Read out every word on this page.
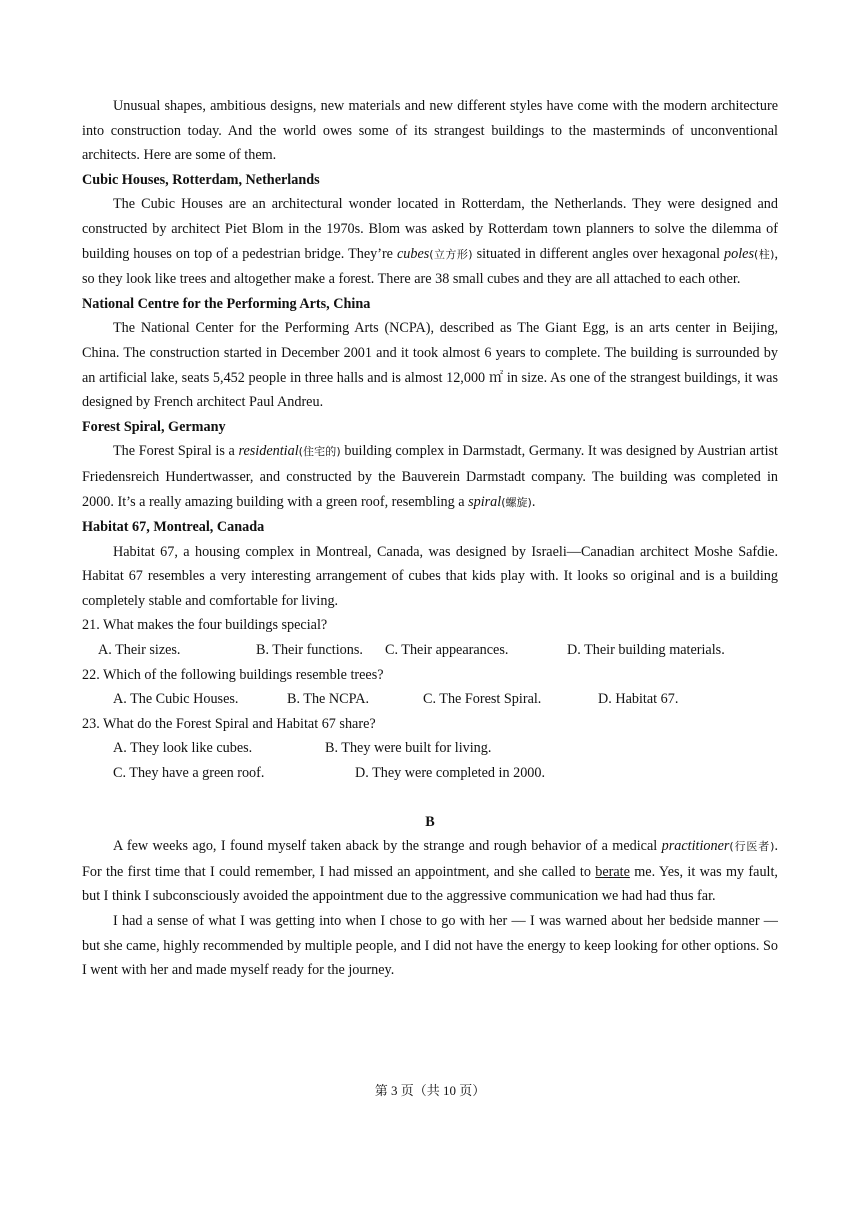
Unusual shapes, ambitious designs, new materials and new different styles have come with the modern architecture into construction today. And the world owes some of its strangest buildings to the masterminds of unconventional architects. Here are some of them.

Cubic Houses, Rotterdam, Netherlands

The Cubic Houses are an architectural wonder located in Rotterdam, the Netherlands. They were designed and constructed by architect Piet Blom in the 1970s. Blom was asked by Rotterdam town planners to solve the dilemma of building houses on top of a pedestrian bridge. They’re cubes(立方形) situated in different angles over hexagonal poles(柱), so they look like trees and altogether make a forest. There are 38 small cubes and they are all attached to each other.

National Centre for the Performing Arts, China

The National Center for the Performing Arts (NCPA), described as The Giant Egg, is an arts center in Beijing, China. The construction started in December 2001 and it took almost 6 years to complete. The building is surrounded by an artificial lake, seats 5,452 people in three halls and is almost 12,000 ㎡ in size. As one of the strangest buildings, it was designed by French architect Paul Andreu.

Forest Spiral, Germany

The Forest Spiral is a residential(住宅的) building complex in Darmstadt, Germany. It was designed by Austrian artist Friedensreich Hundertwasser, and constructed by the Bauverein Darmstadt company. The building was completed in 2000. It’s a really amazing building with a green roof, resembling a spiral(螺旋).

Habitat 67, Montreal, Canada

Habitat 67, a housing complex in Montreal, Canada, was designed by Israeli—Canadian architect Moshe Safdie. Habitat 67 resembles a very interesting arrangement of cubes that kids play with. It looks so original and is a building completely stable and comfortable for living.

21. What makes the four buildings special?

A. Their sizes.	B. Their functions.	C. Their appearances.	D. Their building materials.

22. Which of the following buildings resemble trees?

A. The Cubic Houses.	B. The NCPA.	C. The Forest Spiral.	D. Habitat 67.

23. What do the Forest Spiral and Habitat 67 share?

A. They look like cubes.	B. They were built for living.
C. They have a green roof.	D. They were completed in 2000.

B

A few weeks ago, I found myself taken aback by the strange and rough behavior of a medical practitioner(行医者). For the first time that I could remember, I had missed an appointment, and she called to berate me. Yes, it was my fault, but I think I subconsciously avoided the appointment due to the aggressive communication we had had thus far.

I had a sense of what I was getting into when I chose to go with her — I was warned about her bedside manner — but she came, highly recommended by multiple people, and I did not have the energy to keep looking for other options. So I went with her and made myself ready for the journey.

第 3 页（共 10 页）
